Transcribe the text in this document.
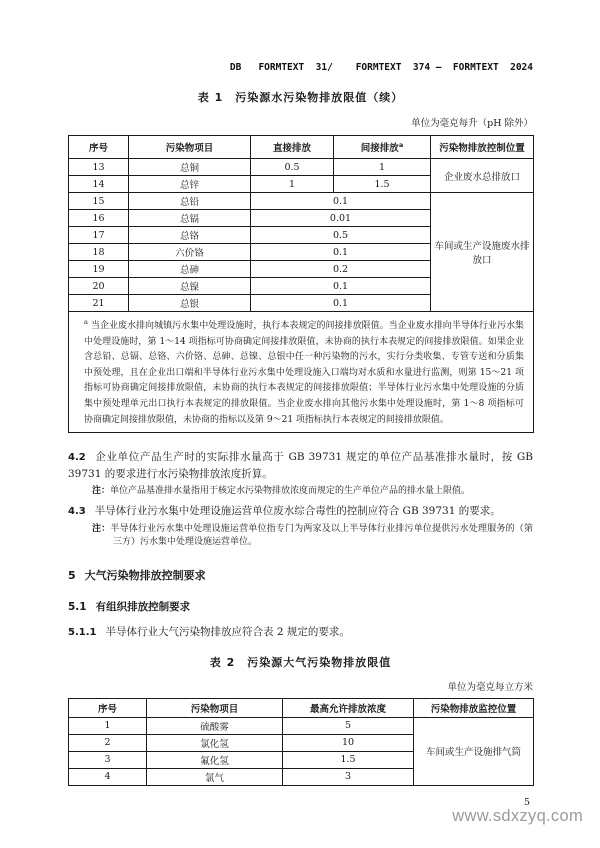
DB   FORMTEXT  31/    FORMTEXT  374 —  FORMTEXT  2024
表 1　污染源水污染物排放限值（续）
单位为毫克每升（pH 除外）
序号	污染物项目	直接排放	间接排放$^a$	污染物排放控制位置
13	总铜	0.5	1	企业废水总排放口
14	总锌	1	1.5	
15	总铅	0.1		车间或生产设施废水排放口
16	总镉	0.01		
17	总铬	0.5		
18	六价铬	0.1		
19	总砷	0.2		
20	总镍	0.1		
21	总银	0.1		
$^a$ 当企业废水排向城镇污水集中处理设施时，执行本表规定的间接排放限值。当企业废水排向半导体行业污水集中处理设施时，第 1～14 项指标可协商确定间接排放限值，未协商的执行本表规定的间接排放限值。如果企业含总铅、总镉、总铬、六价铬、总砷、总镍、总银中任一种污染物的污水，实行分类收集、专管专送和分质集中预处理，且在企业出口端和半导体行业污水集中处理设施入口端均对水质和水量进行监测，则第 15～21 项指标可协商确定间接排放限值，未协商的执行本表规定的间接排放限值；半导体行业污水集中处理设施的分质集中预处理单元出口执行本表规定的排放限值。当企业废水排向其他污水集中处理设施时，第 1～8 项指标可协商确定间接排放限值，未协商的指标以及第 9～21 项指标执行本表规定的间接排放限值。				

4.2 企业单位产品生产时的实际排水量高于 GB 39731 规定的单位产品基准排水量时，按 GB 39731 的要求进行水污染物排放浓度折算。

注：单位产品基准排水量指用于核定水污染物排放浓度而规定的生产单位产品的排水量上限值。

4.3 半导体行业污水集中处理设施运营单位废水综合毒性的控制应符合 GB 39731 的要求。

注：半导体行业污水集中处理设施运营单位指专门为两家及以上半导体行业排污单位提供污水处理服务的（第三方）污水集中处理设施运营单位。

5 大气污染物排放控制要求
5.1 有组织排放控制要求

5.1.1 半导体行业大气污染物排放应符合表 2 规定的要求。

表 2　污染源大气污染物排放限值
单位为毫克每立方米
序号	污染物项目	最高允许排放浓度	污染物排放监控位置
1	硫酸雾	5	车间或生产设施排气筒
2	氯化氢	10	
3	氟化氢	1.5	
4	氯气	3	
5
www.sdxzyq.com
